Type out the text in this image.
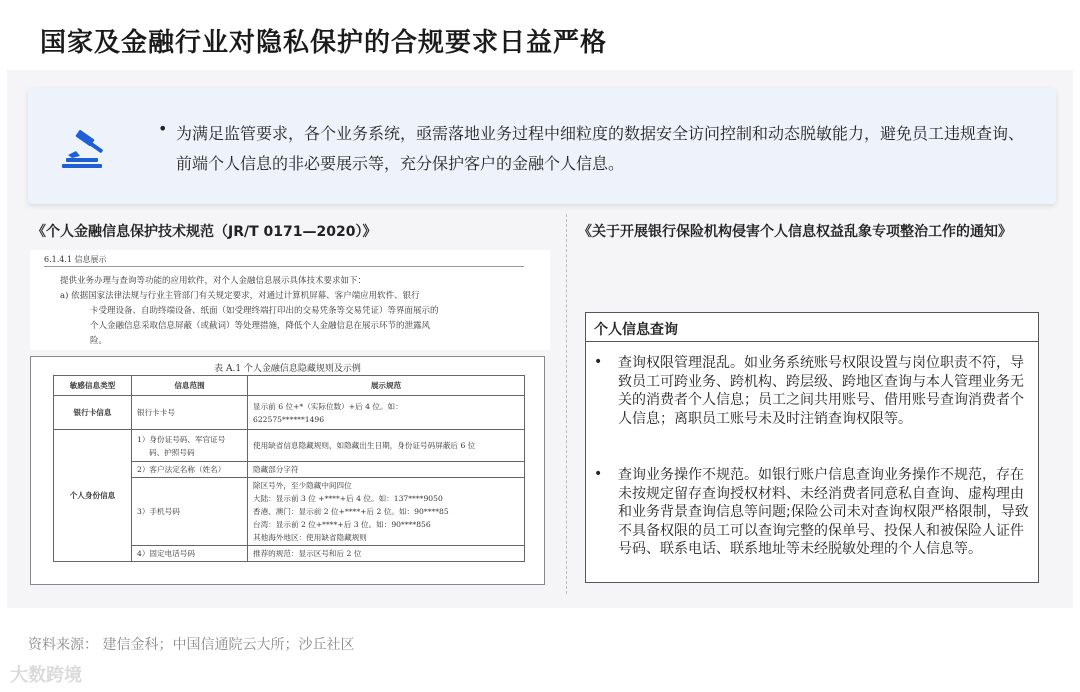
国家及金融行业对隐私保护的合规要求日益严格
• 为满足监管要求，各个业务系统，亟需落地业务过程中细粒度的数据安全访问控制和动态脱敏能力，避免员工违规查询、前端个人信息的非必要展示等，充分保护客户的金融个人信息。
《个人金融信息保护技术规范（JR/T 0171—2020）》	《关于开展银行保险机构侵害个人信息权益乱象专项整治工作的通知》
6.1.4.1 信息展示
提供业务办理与查询等功能的应用软件，对个人金融信息展示具体技术要求如下：
a) 依据国家法律法规与行业主管部门有关规定要求，对通过计算机屏幕、客户端应用软件、银行
卡受理设备、自助终端设备、纸面（如受理终端打印出的交易凭条等交易凭证）等界面展示的
个人金融信息采取信息屏蔽（或截词）等处理措施，降低个人金融信息在展示环节的泄露风
险。
表 A.1 个人金融信息隐藏规则及示例
敏感信息类型	信息范围	展示规范
银行卡信息	银行卡卡号	显示前 6 位+*（实际位数）+后 4 位。如：
622575******1496

个人身份信息	1）身份证号码、军官证号
码、护照号码	使用缺省信息隐藏规则，如隐藏出生日期，身份证号码屏蔽后 6 位
	2）客户法定名称（姓名）	隐藏部分字符
	3）手机号码	除区号外，至少隐藏中间四位
大陆：显示前 3 位 +****+后 4 位。如：137****9050
香港、澳门：显示前 2 位+****+后 2 位。如：90****85
台湾：显示前 2 位+****+后 3 位。如：90****856
其他海外地区：使用缺省隐藏规则

	4）固定电话号码	推荐的规范：显示区号和后 2 位
个人信息查询
• 查询权限管理混乱。如业务系统账号权限设置与岗位职责不符，导致员工可跨业务、跨机构、跨层级、跨地区查询与本人管理业务无关的消费者个人信息；员工之间共用账号、借用账号查询消费者个人信息；离职员工账号未及时注销查询权限等。
• 查询业务操作不规范。如银行账户信息查询业务操作不规范，存在未按规定留存查询授权材料、未经消费者同意私自查询、虚构理由和业务背景查询信息等问题;保险公司未对查询权限严格限制，导致不具备权限的员工可以查询完整的保单号、投保人和被保险人证件号码、联系电话、联系地址等未经脱敏处理的个人信息等。
资料来源： 建信金科；中国信通院云大所；沙丘社区
大数跨境
